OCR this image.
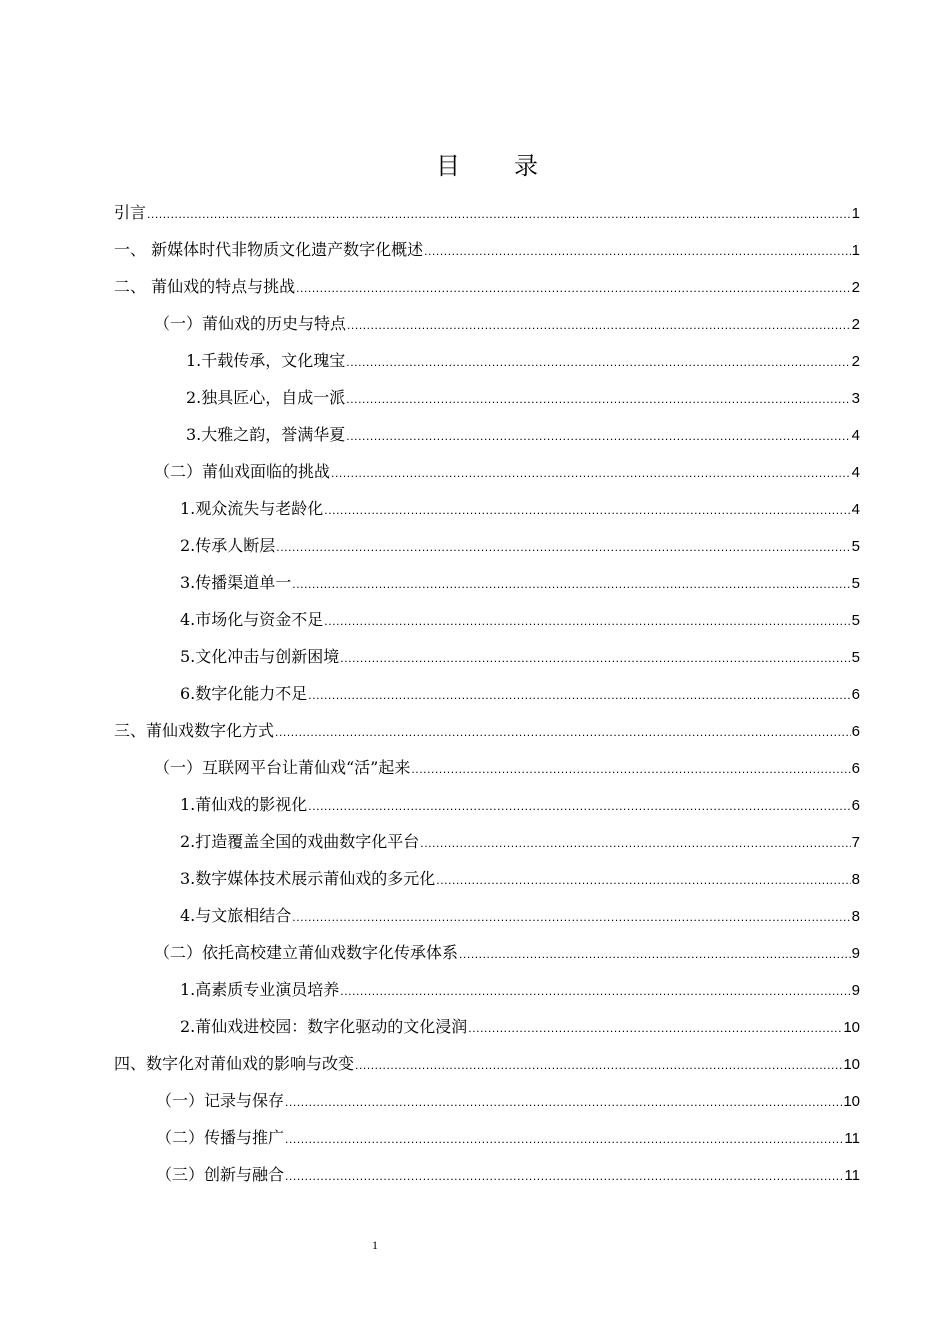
目 录
引言 .....	1
一、 新媒体时代非物质文化遗产数字化概述 .....	1
二、 莆仙戏的特点与挑战 .....	2
（一）莆仙戏的历史与特点 .....	2
1.千载传承，文化瑰宝 .....	2
2.独具匠心，自成一派 .....	3
3.大雅之韵，誉满华夏 .....	4
（二）莆仙戏面临的挑战 .....	4
1.观众流失与老龄化 .....	4
2.传承人断层 .....	5
3.传播渠道单一 .....	5
4.市场化与资金不足 .....	5
5.文化冲击与创新困境 .....	5
6.数字化能力不足 .....	6
三、莆仙戏数字化方式 .....	6
（一）互联网平台让莆仙戏“活”起来 .....	6
1.莆仙戏的影视化 .....	6
2.打造覆盖全国的戏曲数字化平台 .....	7
3.数字媒体技术展示莆仙戏的多元化 .....	8
4.与文旅相结合 .....	8
（二）依托高校建立莆仙戏数字化传承体系 .....	9
1.高素质专业演员培养 .....	9
2.莆仙戏进校园：数字化驱动的文化浸润 .....	10
四、数字化对莆仙戏的影响与改变 .....	10
（一）记录与保存 .....	10
（二）传播与推广 .....	11
（三）创新与融合 .....	11
1
